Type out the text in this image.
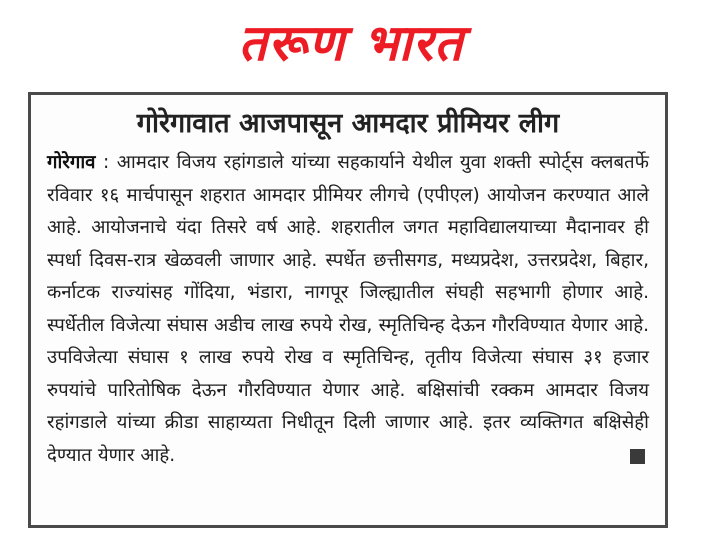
तरूण भारत
गोरेगावात आजपासून आमदार प्रीमियर लीग

गोरेगाव : आमदार विजय रहांगडाले यांच्या सहकार्याने येथील युवा शक्ती स्पोर्ट्स क्लबतर्फे रविवार १६ मार्चपासून शहरात आमदार प्रीमियर लीगचे (एपीएल) आयोजन करण्यात आले आहे. आयोजनाचे यंदा तिसरे वर्ष आहे. शहरातील जगत महाविद्यालयाच्या मैदानावर ही स्पर्धा दिवस-रात्र खेळवली जाणार आहे. स्पर्धेत छत्तीसगड, मध्यप्रदेश, उत्तरप्रदेश, बिहार, कर्नाटक राज्यांसह गोंदिया, भंडारा, नागपूर जिल्ह्यातील संघही सहभागी होणार आहे. स्पर्धेतील विजेत्या संघास अडीच लाख रुपये रोख, स्मृतिचिन्ह देऊन गौरविण्यात येणार आहे. उपविजेत्या संघास १ लाख रुपये रोख व स्मृतिचिन्ह, तृतीय विजेत्या संघास ३१ हजार रुपयांचे पारितोषिक देऊन गौरविण्यात येणार आहे. बक्षिसांची रक्कम आमदार विजय रहांगडाले यांच्या क्रीडा साहाय्यता निधीतून दिली जाणार आहे. इतर व्यक्तिगत बक्षिसेही देण्यात येणार आहे.
